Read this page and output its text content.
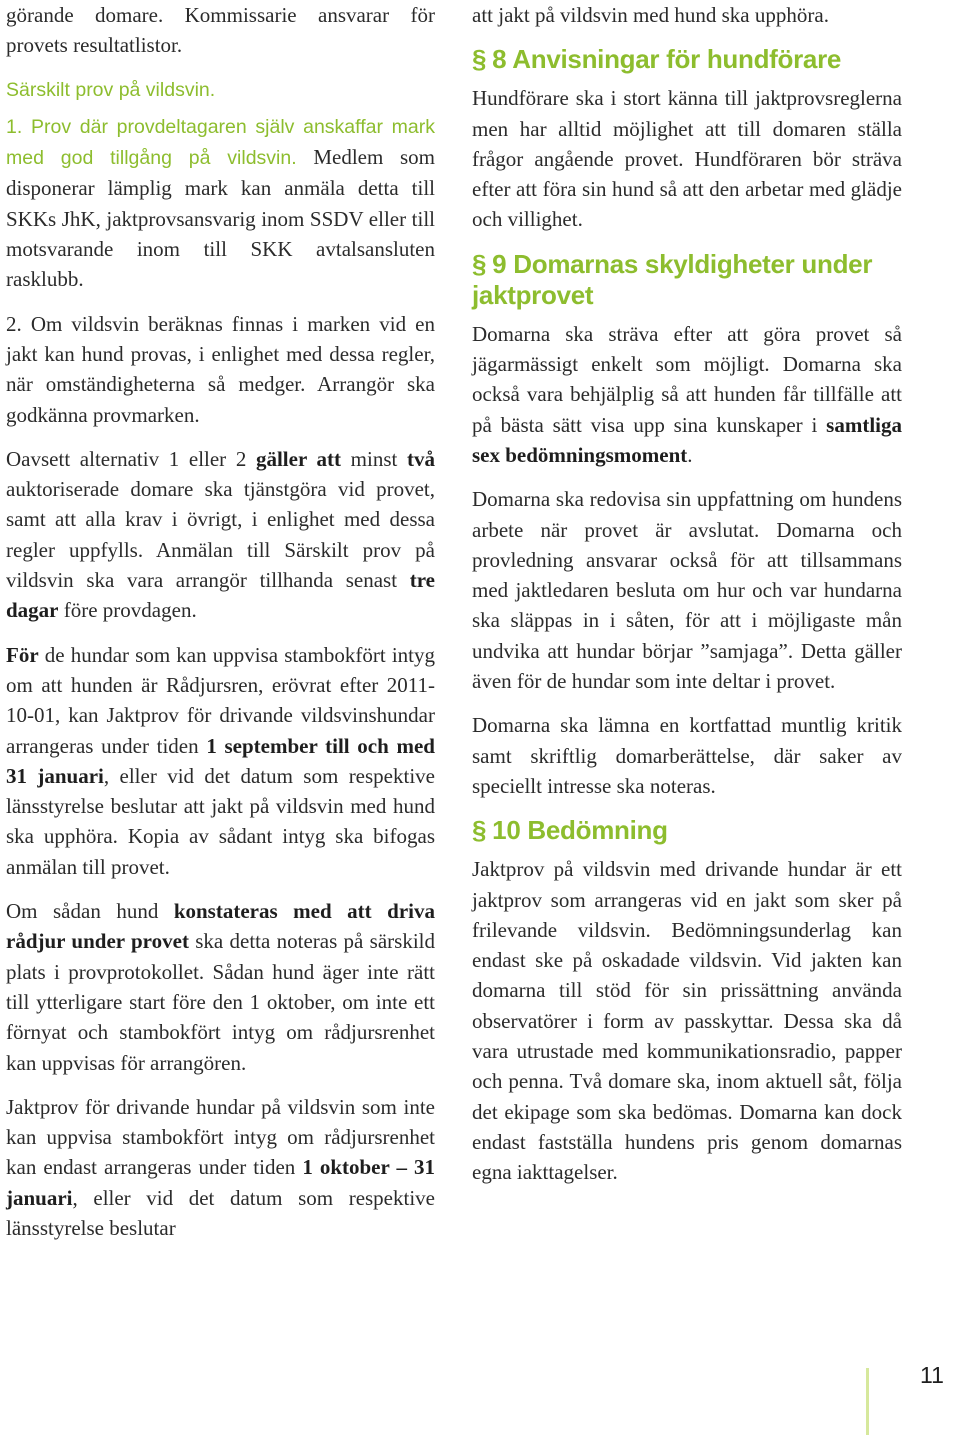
görande domare. Kommissarie ansvarar för provets resultatlistor.

Särskilt prov på vildsvin.

1. Prov där provdeltagaren själv anskaffar mark med god tillgång på vildsvin. Medlem som disponerar lämplig mark kan anmäla detta till SKKs JhK, jaktprovsansvarig inom SSDV eller till motsvarande inom till SKK avtalsansluten rasklubb.

2. Om vildsvin beräknas finnas i marken vid en jakt kan hund provas, i enlighet med dessa regler, när omständigheterna så medger. Arrangör ska godkänna provmarken.

Oavsett alternativ 1 eller 2 gäller att minst två auktoriserade domare ska tjänstgöra vid provet, samt att alla krav i övrigt, i enlighet med dessa regler uppfylls. Anmälan till Särskilt prov på vildsvin ska vara arrangör tillhanda senast tre dagar före provdagen.

För de hundar som kan uppvisa stambokfört intyg om att hunden är Rådjursren, erövrat efter 2011-10-01, kan Jaktprov för drivande vildsvinshundar arrangeras under tiden 1 september till och med 31 januari, eller vid det datum som respektive länsstyrelse beslutar att jakt på vildsvin med hund ska upphöra. Kopia av sådant intyg ska bifogas anmälan till provet.

Om sådan hund konstateras med att driva rådjur under provet ska detta noteras på särskild plats i provprotokollet. Sådan hund äger inte rätt till ytterligare start före den 1 oktober, om inte ett förnyat och stambokfört intyg om rådjursrenhet kan uppvisas för arrangören.

Jaktprov för drivande hundar på vildsvin som inte kan uppvisa stambokfört intyg om rådjursrenhet kan endast arrangeras under tiden 1 oktober – 31 januari, eller vid det datum som respektive länsstyrelse beslutar

att jakt på vildsvin med hund ska upphöra.

§ 8 Anvisningar för hundförare

Hundförare ska i stort känna till jaktprovsreglerna men har alltid möjlighet att till domaren ställa frågor angående provet. Hundföraren bör sträva efter att föra sin hund så att den arbetar med glädje och villighet.

§ 9 Domarnas skyldigheter under jaktprovet

Domarna ska sträva efter att göra provet så jägarmässigt enkelt som möjligt. Domarna ska också vara behjälplig så att hunden får tillfälle att på bästa sätt visa upp sina kunskaper i samtliga sex bedömningsmoment.

Domarna ska redovisa sin uppfattning om hundens arbete när provet är avslutat. Domarna och provledning ansvarar också för att tillsammans med jaktledaren besluta om hur och var hundarna ska släppas in i såten, för att i möjligaste mån undvika att hundar börjar ”samjaga”. Detta gäller även för de hundar som inte deltar i provet.

Domarna ska lämna en kortfattad muntlig kritik samt skriftlig domarberättelse, där saker av speciellt intresse ska noteras.

§ 10 Bedömning

Jaktprov på vildsvin med drivande hundar är ett jaktprov som arrangeras vid en jakt som sker på frilevande vildsvin. Bedömningsunderlag kan endast ske på oskadade vildsvin. Vid jakten kan domarna till stöd för sin prissättning använda observatörer i form av passkyttar. Dessa ska då vara utrustade med kommunikationsradio, papper och penna. Två domare ska, inom aktuell såt, följa det ekipage som ska bedömas. Domarna kan dock endast fastställa hundens pris genom domarnas egna iakttagelser.

11
